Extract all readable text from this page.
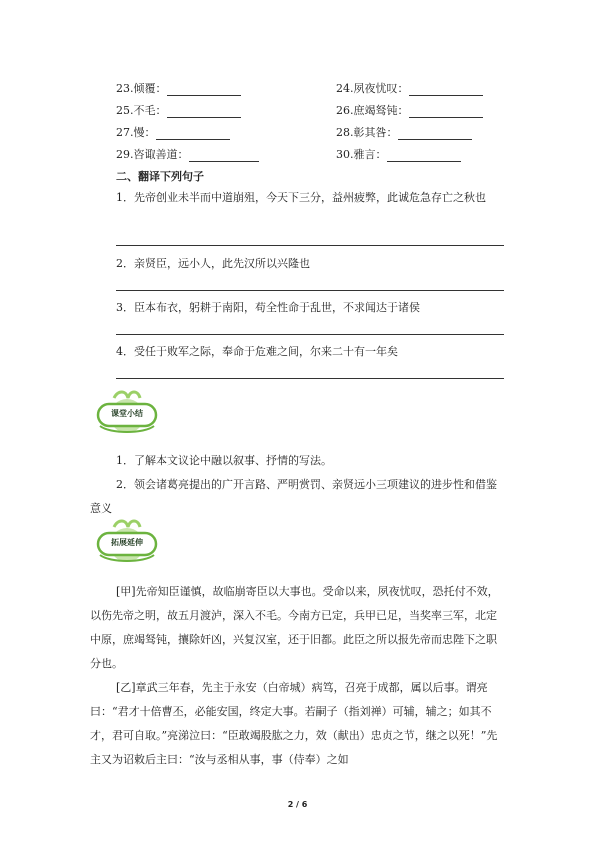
23.倾覆：	24.夙夜忧叹：
25.不毛：	26.庶竭驽钝：
27.慢：	28.彰其咎：
29.咨诹善道：	30.雅言：
二、翻译下列句子

1．先帝创业未半而中道崩殂，今天下三分，益州疲弊，此诚危急存亡之秋也

2．亲贤臣，远小人，此先汉所以兴隆也

3．臣本布衣，躬耕于南阳，苟全性命于乱世，不求闻达于诸侯

4．受任于败军之际，奉命于危难之间，尔来二十有一年矣

课堂小结

1．了解本文议论中融以叙事、抒情的写法。

2．领会诸葛亮提出的广开言路、严明赏罚、亲贤远小三项建议的进步性和借鉴意义

拓展延伸

[甲]先帝知臣谨慎，故临崩寄臣以大事也。受命以来，夙夜忧叹，恐托付不效，以伤先帝之明，故五月渡泸，深入不毛。今南方已定，兵甲已足，当奖率三军，北定中原，庶竭驽钝，攘除奸凶，兴复汉室，还于旧都。此臣之所以报先帝而忠陛下之职分也。

[乙]章武三年春，先主于永安（白帝城）病笃，召亮于成都，属以后事。谓亮曰：“君才十倍曹丕，必能安国，终定大事。若嗣子（指刘禅）可辅，辅之；如其不才，君可自取。”亮涕泣曰：“臣敢竭股肱之力，效（献出）忠贞之节，继之以死！”先主又为诏敕后主曰：“汝与丞相从事，事（侍奉）之如

2 / 6
